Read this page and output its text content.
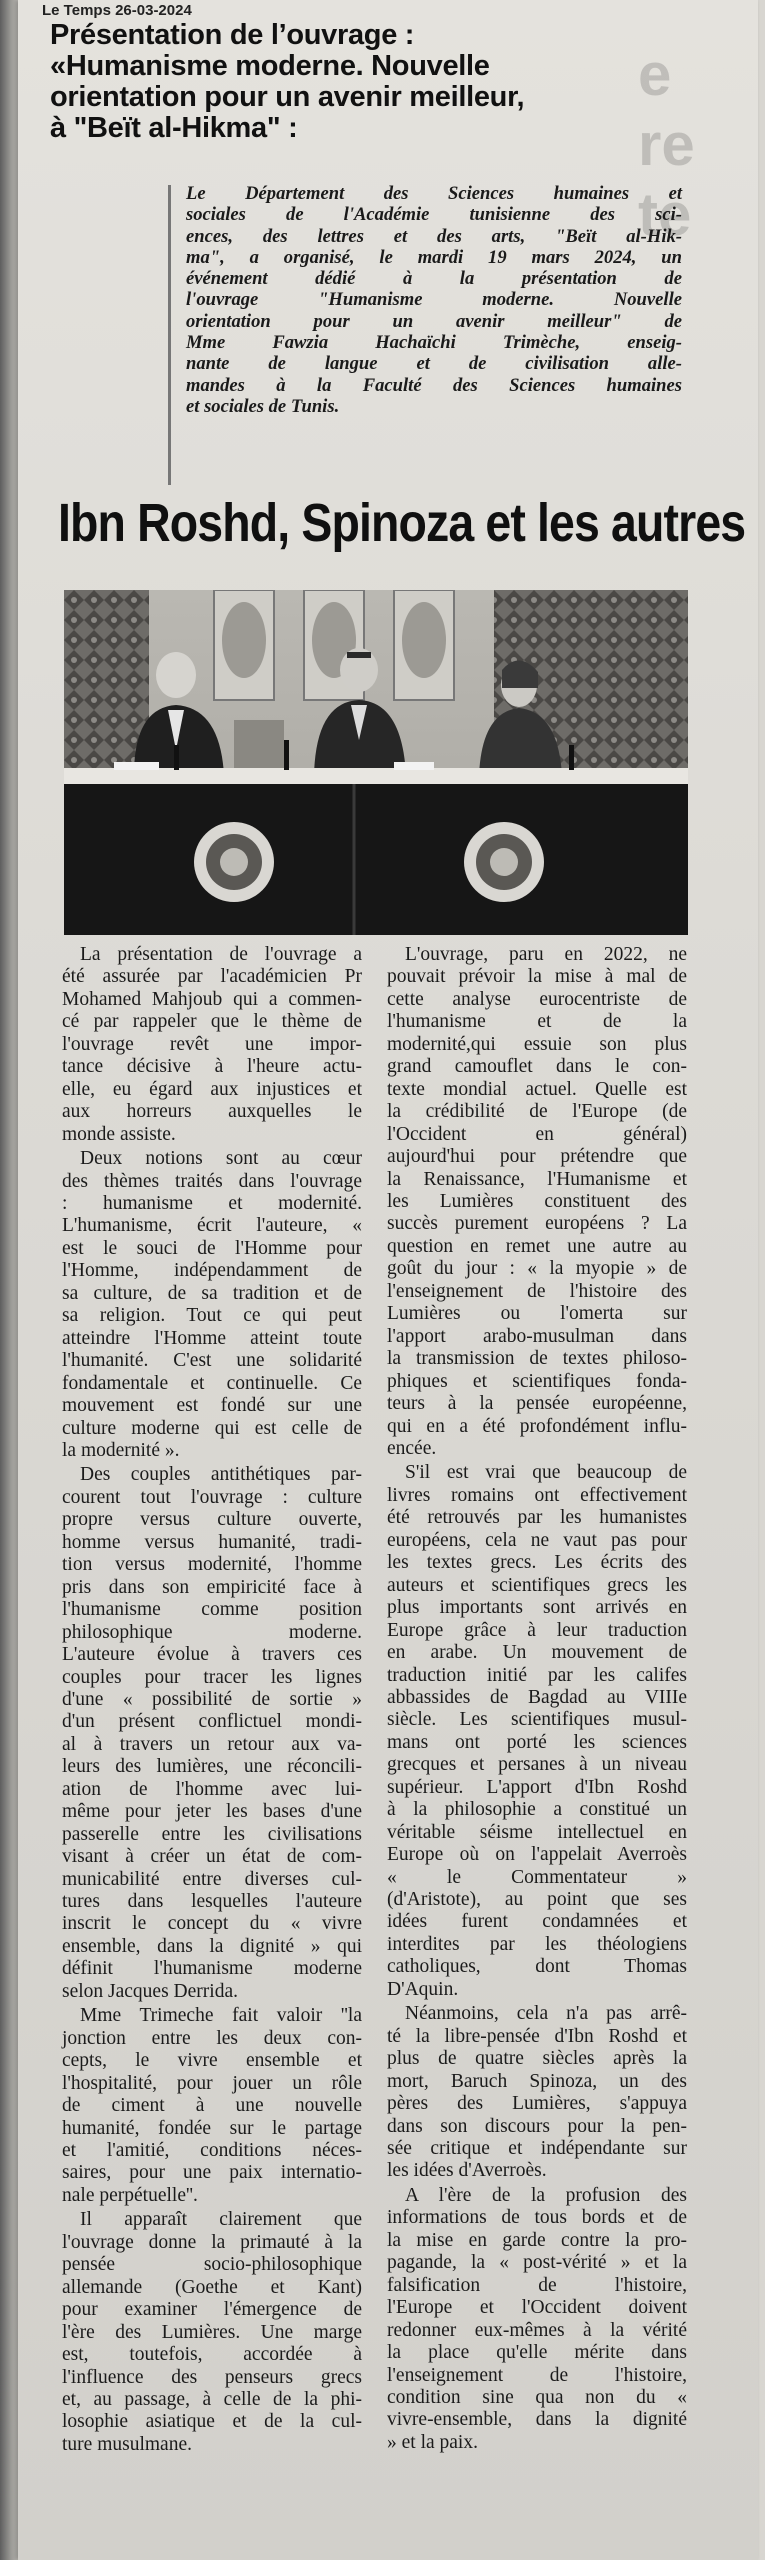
Le Temps 26-03-2024
e
re
te
Présentation de l’ouvrage :
«Humanisme moderne. Nouvelle
orientation pour un avenir meilleur,
à "Beït al-Hikma" :
Le Département des Sciences humaines et
sociales de l'Académie tunisienne des sci-
ences, des lettres et des arts, "Beït al-Hik-
ma", a organisé, le mardi 19 mars 2024, un
événement dédié à la présentation de
l'ouvrage "Humanisme moderne. Nouvelle
orientation pour un avenir meilleur" de
Mme Fawzia Hachaïchi Trimèche, enseig-
nante de langue et de civilisation alle-
mandes à la Faculté des Sciences humaines
et sociales de Tunis.
Ibn Roshd, Spinoza et les autres

La présentation de l'ouvrage a
été assurée par l'académicien Pr
Mohamed Mahjoub qui a commen-
cé par rappeler que le thème de
l'ouvrage revêt une impor-
tance décisive à l'heure actu-
elle, eu égard aux injustices et
aux horreurs auxquelles le
monde assiste.

Deux notions sont au cœur
des thèmes traités dans l'ouvrage
: humanisme et modernité.
L'humanisme, écrit l'auteure, «
est le souci de l'Homme pour
l'Homme, indépendamment de
sa culture, de sa tradition et de
sa religion. Tout ce qui peut
atteindre l'Homme atteint toute
l'humanité. C'est une solidarité
fondamentale et continuelle. Ce
mouvement est fondé sur une
culture moderne qui est celle de
la modernité ».

Des couples antithétiques par-
courent tout l'ouvrage : culture
propre versus culture ouverte,
homme versus humanité, tradi-
tion versus modernité, l'homme
pris dans son empiricité face à
l'humanisme comme position
philosophique moderne.
L'auteure évolue à travers ces
couples pour tracer les lignes
d'une « possibilité de sortie »
d'un présent conflictuel mondi-
al à travers un retour aux va-
leurs des lumières, une réconcili-
ation de l'homme avec lui-
même pour jeter les bases d'une
passerelle entre les civilisations
visant à créer un état de com-
municabilité entre diverses cul-
tures dans lesquelles l'auteure
inscrit le concept du « vivre
ensemble, dans la dignité » qui
définit l'humanisme moderne
selon Jacques Derrida.

Mme Trimeche fait valoir ''la
jonction entre les deux con-
cepts, le vivre ensemble et
l'hospitalité, pour jouer un rôle
de ciment à une nouvelle
humanité, fondée sur le partage
et l'amitié, conditions néces-
saires, pour une paix internatio-
nale perpétuelle''.

Il apparaît clairement que
l'ouvrage donne la primauté à la
pensée socio-philosophique
allemande (Goethe et Kant)
pour examiner l'émergence de
l'ère des Lumières. Une marge
est, toutefois, accordée à
l'influence des penseurs grecs
et, au passage, à celle de la phi-
losophie asiatique et de la cul-
ture musulmane.

L'ouvrage, paru en 2022, ne
pouvait prévoir la mise à mal de
cette analyse eurocentriste de
l'humanisme et de la
modernité,qui essuie son plus
grand camouflet dans le con-
texte mondial actuel. Quelle est
la crédibilité de l'Europe (de
l'Occident en général)
aujourd'hui pour prétendre que
la Renaissance, l'Humanisme et
les Lumières constituent des
succès purement européens ? La
question en remet une autre au
goût du jour : « la myopie » de
l'enseignement de l'histoire des
Lumières ou l'omerta sur
l'apport arabo-musulman dans
la transmission de textes philoso-
phiques et scientifiques fonda-
teurs à la pensée européenne,
qui en a été profondément influ-
encée.

S'il est vrai que beaucoup de
livres romains ont effectivement
été retrouvés par les humanistes
européens, cela ne vaut pas pour
les textes grecs. Les écrits des
auteurs et scientifiques grecs les
plus importants sont arrivés en
Europe grâce à leur traduction
en arabe. Un mouvement de
traduction initié par les califes
abbassides de Bagdad au VIIIe
siècle. Les scientifiques musul-
mans ont porté les sciences
grecques et persanes à un niveau
supérieur. L'apport d'Ibn Roshd
à la philosophie a constitué un
véritable séisme intellectuel en
Europe où on l'appelait Averroès
« le Commentateur »
(d'Aristote), au point que ses
idées furent condamnées et
interdites par les théologiens
catholiques, dont Thomas
D'Aquin.

Néanmoins, cela n'a pas arrê-
té la libre-pensée d'Ibn Roshd et
plus de quatre siècles après la
mort, Baruch Spinoza, un des
pères des Lumières, s'appuya
dans son discours pour la pen-
sée critique et indépendante sur
les idées d'Averroès.

A l'ère de la profusion des
informations de tous bords et de
la mise en garde contre la pro-
pagande, la « post-vérité » et la
falsification de l'histoire,
l'Europe et l'Occident doivent
redonner eux-mêmes à la vérité
la place qu'elle mérite dans
l'enseignement de l'histoire,
condition sine qua non du «
vivre-ensemble, dans la dignité
» et la paix.
